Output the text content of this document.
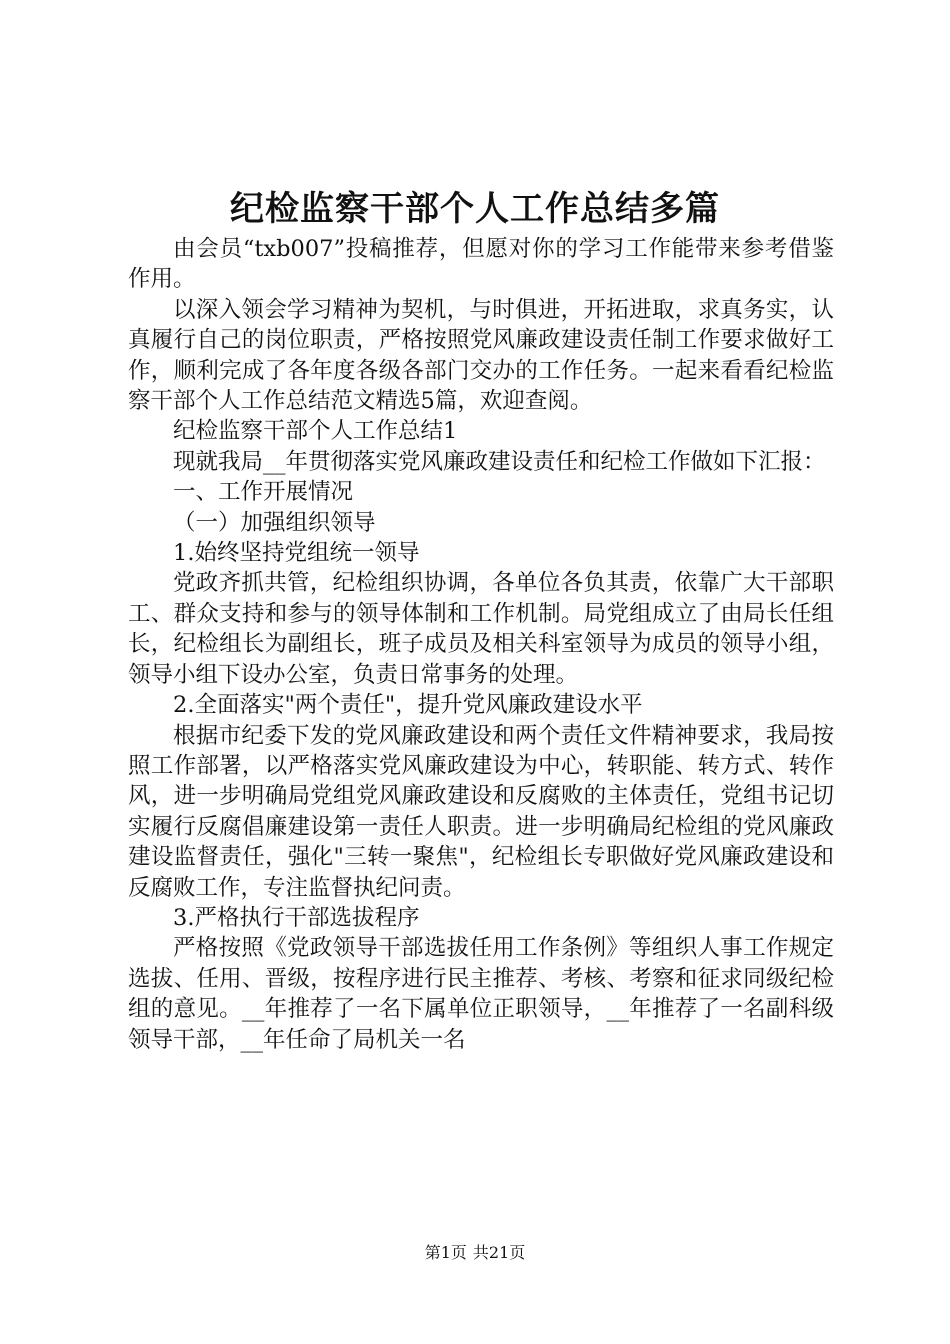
纪检监察干部个人工作总结多篇

由会员“txb007”投稿推荐，但愿对你的学习工作能带来参考借鉴作用。

以深入领会学习精神为契机，与时俱进，开拓进取，求真务实，认真履行自己的岗位职责，严格按照党风廉政建设责任制工作要求做好工作，顺利完成了各年度各级各部门交办的工作任务。一起来看看纪检监察干部个人工作总结范文精选5篇，欢迎查阅。

纪检监察干部个人工作总结1

现就我局__年贯彻落实党风廉政建设责任和纪检工作做如下汇报：

一、工作开展情况

（一）加强组织领导

1.始终坚持党组统一领导

党政齐抓共管，纪检组织协调，各单位各负其责，依靠广大干部职工、群众支持和参与的领导体制和工作机制。局党组成立了由局长任组长，纪检组长为副组长，班子成员及相关科室领导为成员的领导小组，领导小组下设办公室，负责日常事务的处理。

2.全面落实"两个责任"，提升党风廉政建设水平

根据市纪委下发的党风廉政建设和两个责任文件精神要求，我局按照工作部署，以严格落实党风廉政建设为中心，转职能、转方式、转作风，进一步明确局党组党风廉政建设和反腐败的主体责任，党组书记切实履行反腐倡廉建设第一责任人职责。进一步明确局纪检组的党风廉政建设监督责任，强化"三转一聚焦"，纪检组长专职做好党风廉政建设和反腐败工作，专注监督执纪问责。

3.严格执行干部选拔程序

严格按照《党政领导干部选拔任用工作条例》等组织人事工作规定选拔、任用、晋级，按程序进行民主推荐、考核、考察和征求同级纪检组的意见。__年推荐了一名下属单位正职领导，__年推荐了一名副科级领导干部，__年任命了局机关一名

第1页 共21页
